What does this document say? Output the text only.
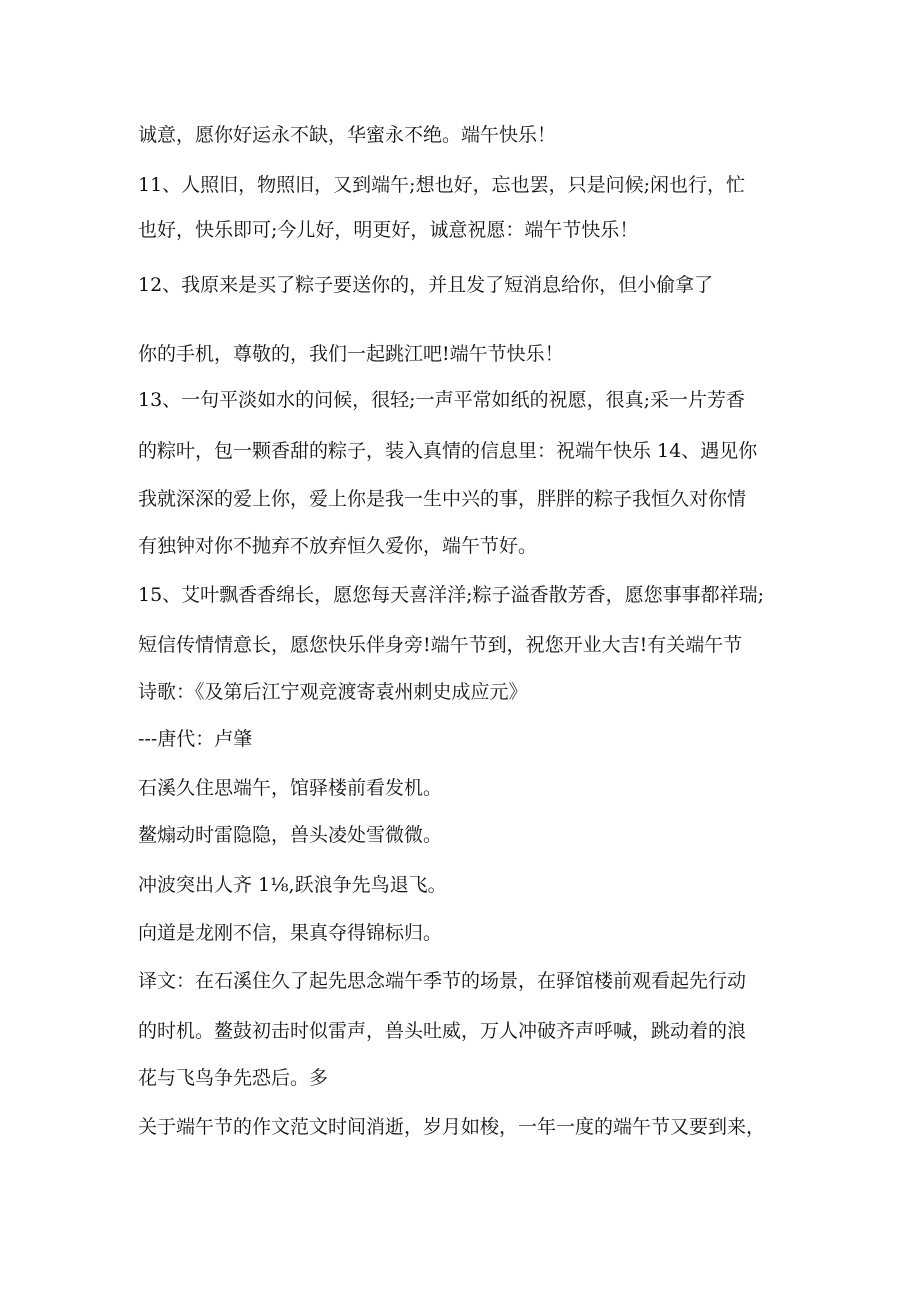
诚意，愿你好运永不缺，华蜜永不绝。端午快乐！
11、人照旧，物照旧，又到端午;想也好，忘也罢，只是问候;闲也行，忙
也好，快乐即可;今儿好，明更好，诚意祝愿：端午节快乐！
12、我原来是买了粽子要送你的，并且发了短消息给你，但小偷拿了
你的手机，尊敬的，我们一起跳江吧!端午节快乐！
13、一句平淡如水的问候，很轻;一声平常如纸的祝愿，很真;采一片芳香
的粽叶，包一颗香甜的粽子，装入真情的信息里：祝端午快乐 14、遇见你
我就深深的爱上你，爱上你是我一生中兴的事，胖胖的粽子我恒久对你情
有独钟对你不抛弃不放弃恒久爱你，端午节好。
15、艾叶飘香香绵长，愿您每天喜洋洋;粽子溢香散芳香，愿您事事都祥瑞;
短信传情情意长，愿您快乐伴身旁!端午节到，祝您开业大吉!有关端午节
诗歌：《及第后江宁观竞渡寄袁州刺史成应元》
---唐代：卢肇
石溪久住思端午，馆驿楼前看发机。
鳌煽动时雷隐隐，兽头凌处雪微微。
冲波突出人齐 1⅛,跃浪争先鸟退飞。
向道是龙刚不信，果真夺得锦标归。
译文：在石溪住久了起先思念端午季节的场景，在驿馆楼前观看起先行动
的时机。鳌鼓初击时似雷声，兽头吐威，万人冲破齐声呼喊，跳动着的浪
花与飞鸟争先恐后。多
关于端午节的作文范文时间消逝，岁月如梭，一年一度的端午节又要到来，
